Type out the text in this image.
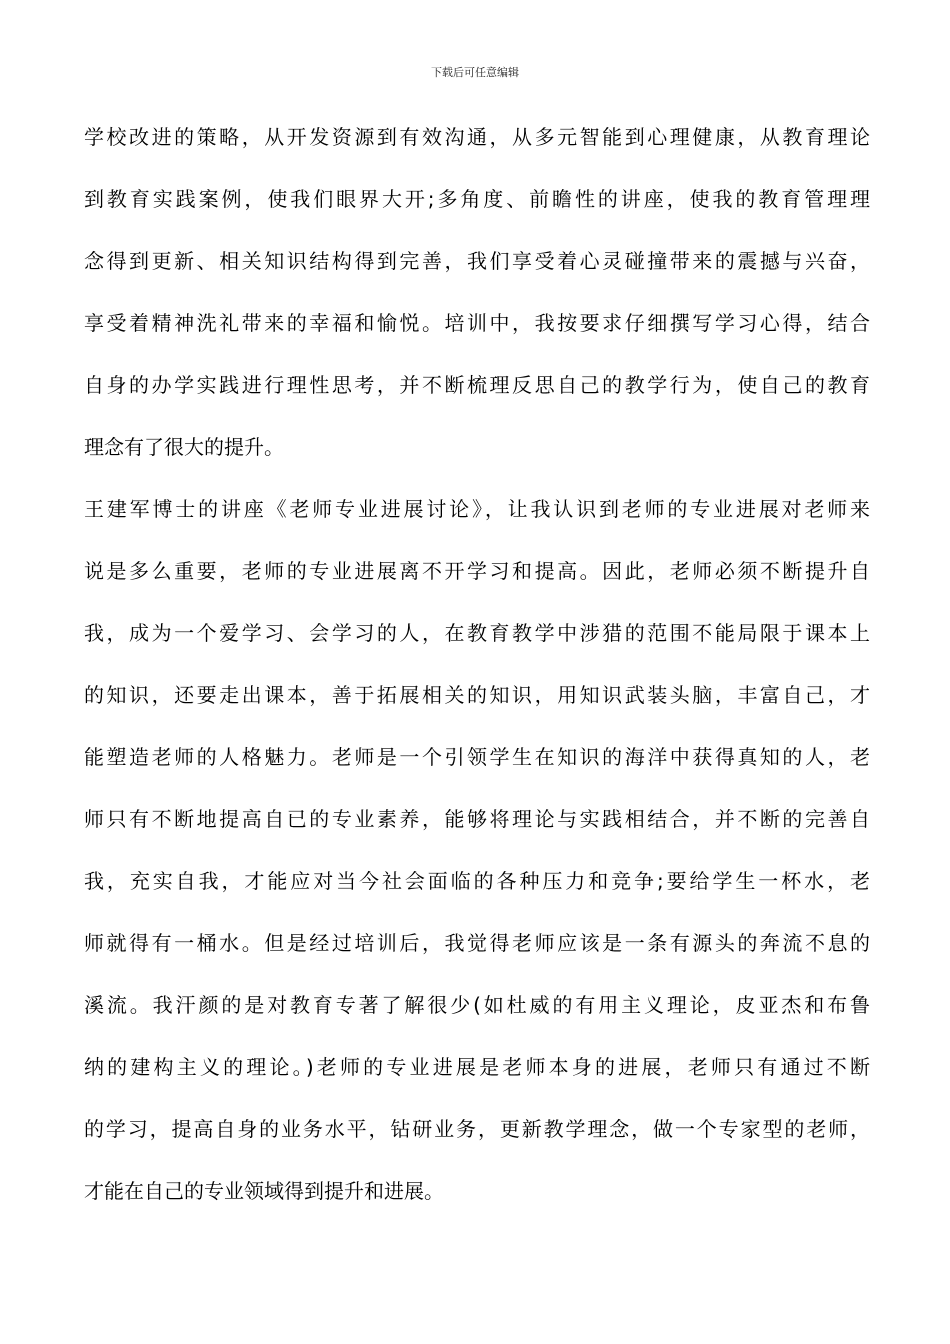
下载后可任意编辑
学校改进的策略，从开发资源到有效沟通，从多元智能到心理健康，从教育理论
到教育实践案例，使我们眼界大开;多角度、前瞻性的讲座，使我的教育管理理
念得到更新、相关知识结构得到完善，我们享受着心灵碰撞带来的震撼与兴奋，
享受着精神洗礼带来的幸福和愉悦。培训中，我按要求仔细撰写学习心得，结合
自身的办学实践进行理性思考，并不断梳理反思自己的教学行为，使自己的教育
理念有了很大的提升。
王建军博士的讲座《老师专业进展讨论》，让我认识到老师的专业进展对老师来
说是多么重要，老师的专业进展离不开学习和提高。因此，老师必须不断提升自
我，成为一个爱学习、会学习的人，在教育教学中涉猎的范围不能局限于课本上
的知识，还要走出课本，善于拓展相关的知识，用知识武装头脑，丰富自己，才
能塑造老师的人格魅力。老师是一个引领学生在知识的海洋中获得真知的人，老
师只有不断地提高自已的专业素养，能够将理论与实践相结合，并不断的完善自
我，充实自我，才能应对当今社会面临的各种压力和竞争;要给学生一杯水，老
师就得有一桶水。但是经过培训后，我觉得老师应该是一条有源头的奔流不息的
溪流。我汗颜的是对教育专著了解很少(如杜威的有用主义理论，皮亚杰和布鲁
纳的建构主义的理论。)老师的专业进展是老师本身的进展，老师只有通过不断
的学习，提高自身的业务水平，钻研业务，更新教学理念，做一个专家型的老师，
才能在自己的专业领域得到提升和进展。
